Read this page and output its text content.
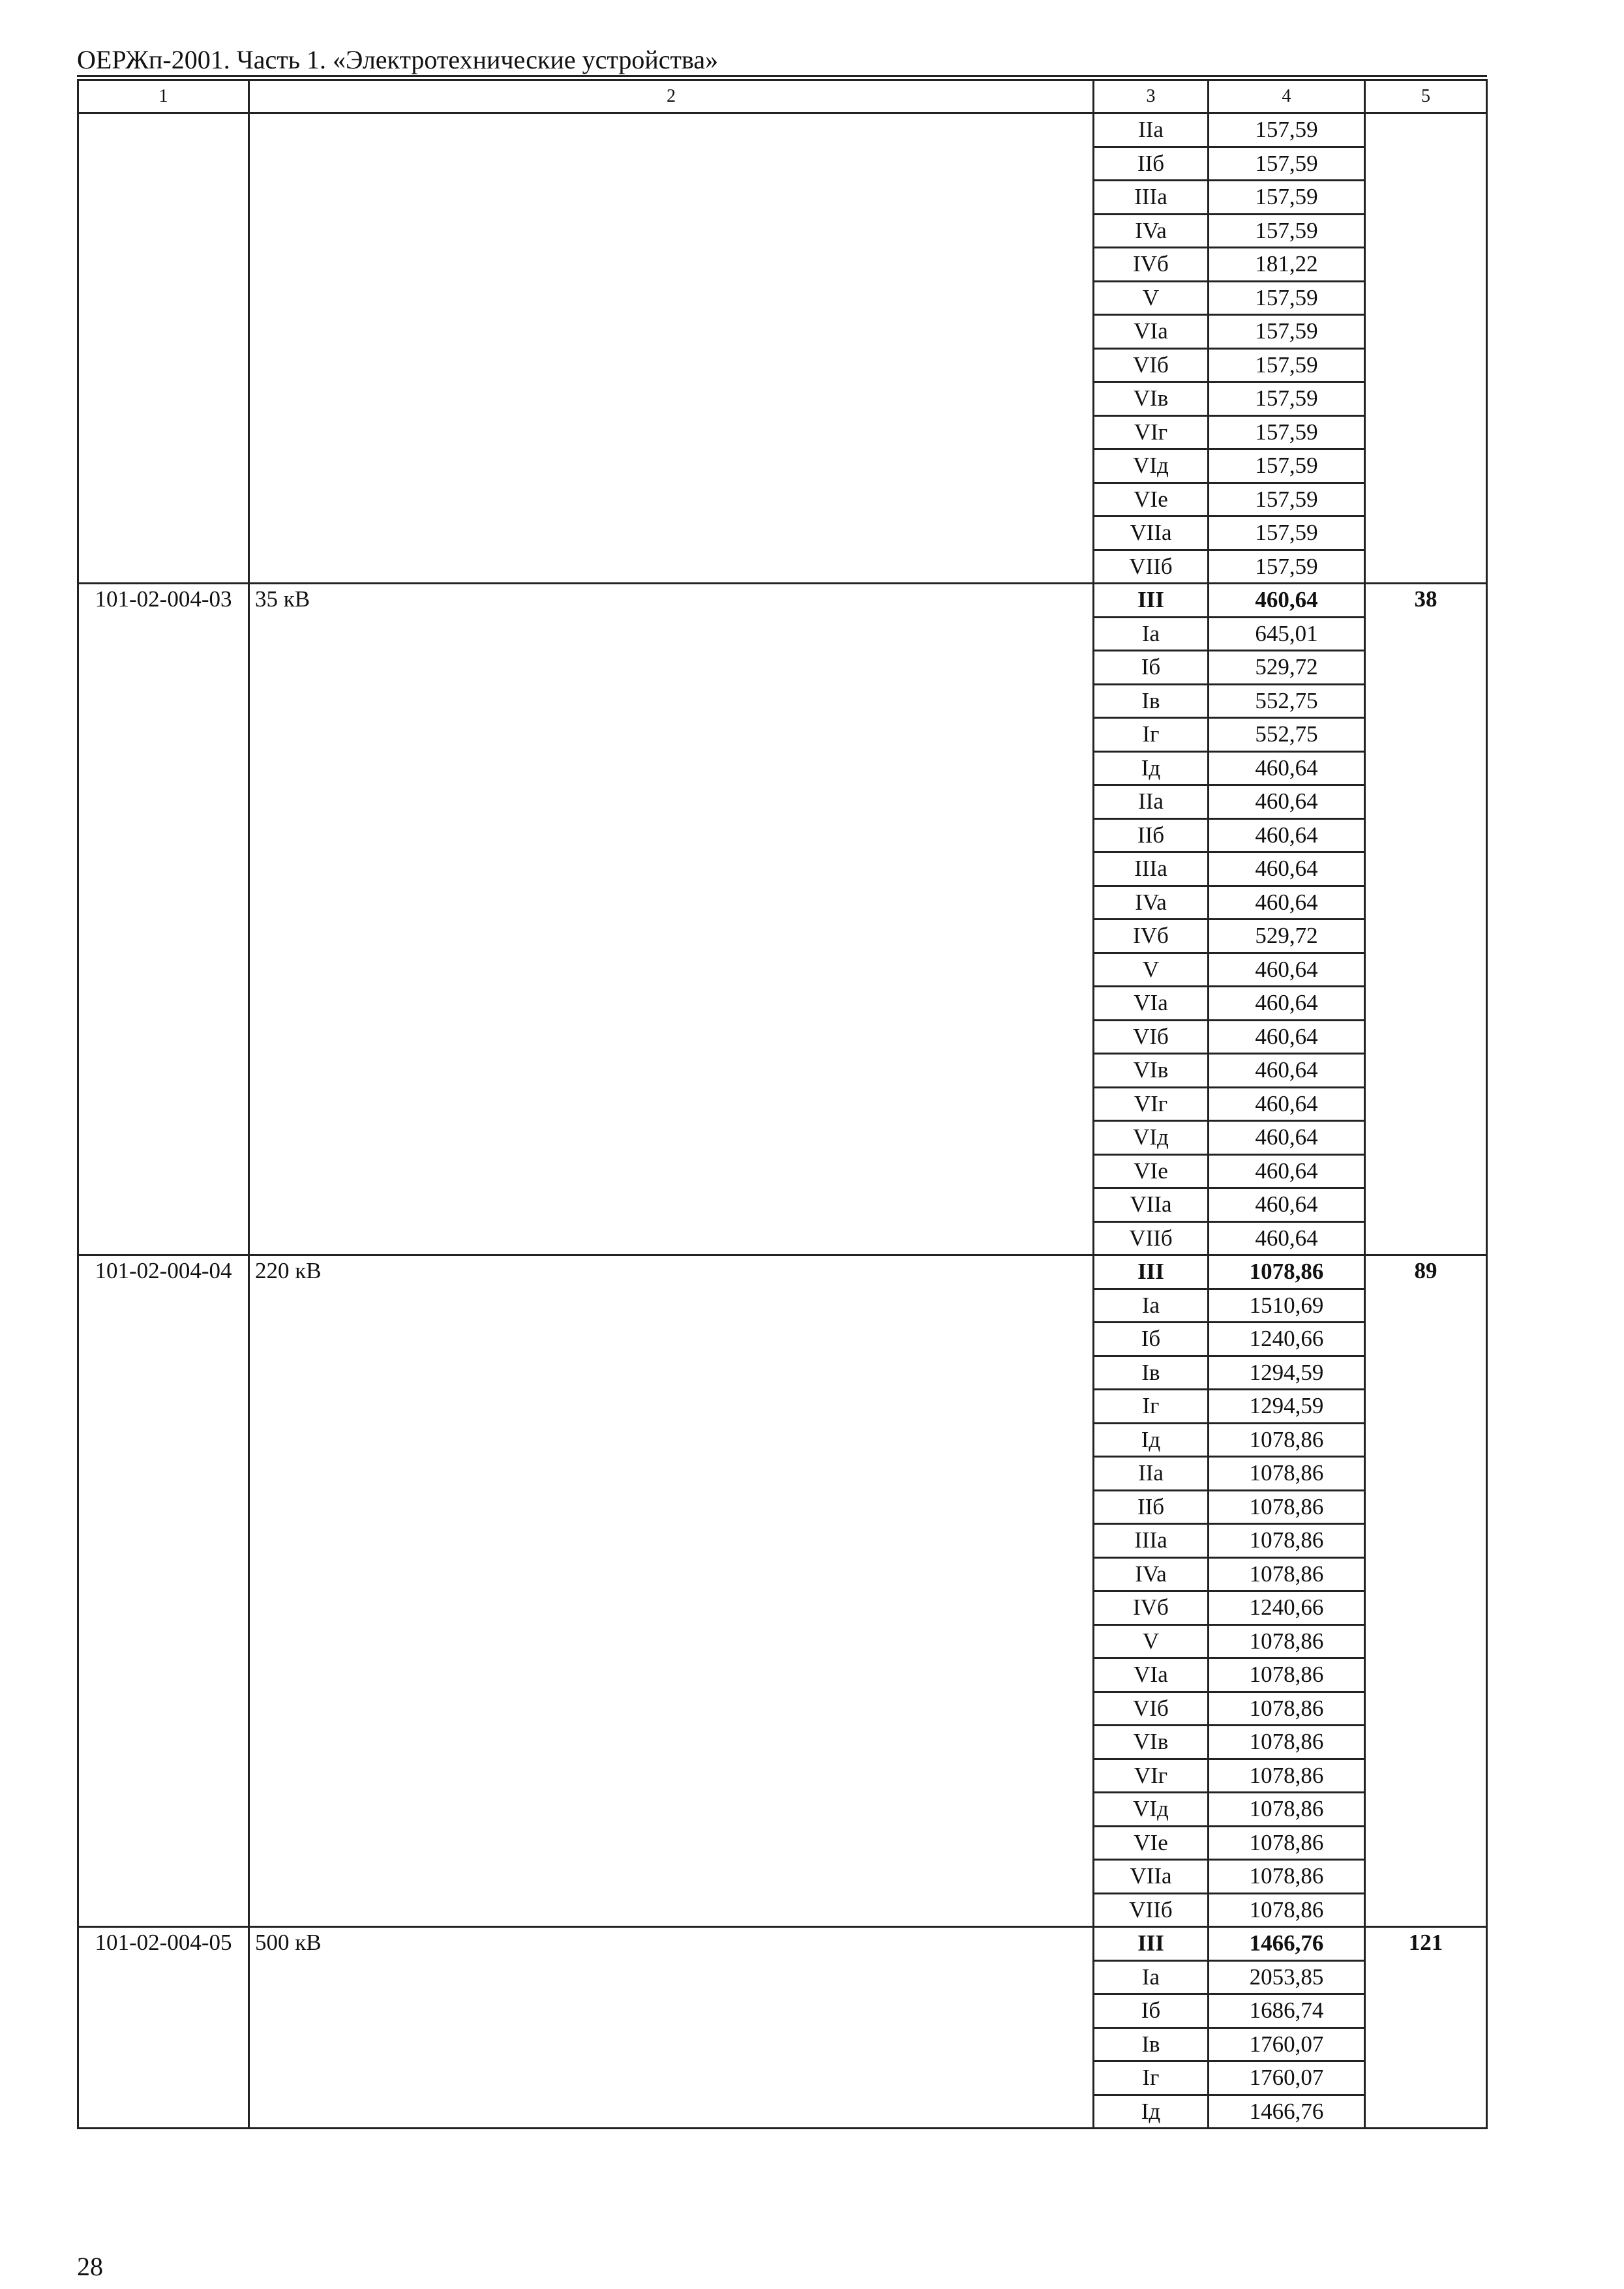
ОЕРЖп-2001. Часть 1. «Электротехнические устройства»
1	2	3	4	5
		IIa	157,59	
		IIб	157,59	
		IIIa	157,59	
		IVa	157,59	
		IVб	181,22	
		V	157,59	
		VIa	157,59	
		VIб	157,59	
		VIв	157,59	
		VIг	157,59	
		VIд	157,59	
		VIe	157,59	
		VIIa	157,59	
		VIIб	157,59	
101-02-004-03	35 кВ	III	460,64	38
		Ia	645,01	
		Iб	529,72	
		Iв	552,75	
		Iг	552,75	
		Iд	460,64	
		IIa	460,64	
		IIб	460,64	
		IIIa	460,64	
		IVa	460,64	
		IVб	529,72	
		V	460,64	
		VIa	460,64	
		VIб	460,64	
		VIв	460,64	
		VIг	460,64	
		VIд	460,64	
		VIe	460,64	
		VIIa	460,64	
		VIIб	460,64	
101-02-004-04	220 кВ	III	1078,86	89
		Ia	1510,69	
		Iб	1240,66	
		Iв	1294,59	
		Iг	1294,59	
		Iд	1078,86	
		IIa	1078,86	
		IIб	1078,86	
		IIIa	1078,86	
		IVa	1078,86	
		IVб	1240,66	
		V	1078,86	
		VIa	1078,86	
		VIб	1078,86	
		VIв	1078,86	
		VIг	1078,86	
		VIд	1078,86	
		VIe	1078,86	
		VIIa	1078,86	
		VIIб	1078,86	
101-02-004-05	500 кВ	III	1466,76	121
		Ia	2053,85	
		Iб	1686,74	
		Iв	1760,07	
		Iг	1760,07	
		Iд	1466,76	
28
